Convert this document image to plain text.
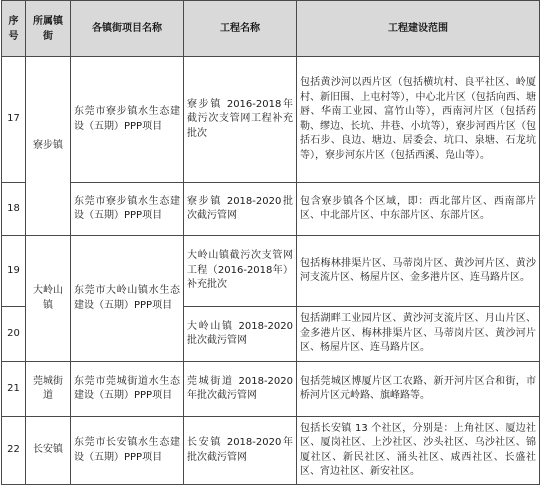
序号	所属镇街	各镇街项目名称	工程名称	工程建设范围
17	寮步镇	东莞市寮步镇水生态建设（五期）PPP项目	寮步镇 2016-2018年截污次支管网工程补充批次	包括黄沙河以西片区（包括横坑村、良平社区、岭厦村、新旧围、上屯村等），中心北片区（包括向西、塘唇、华南工业园、富竹山等），西南河片区（包括药勒、缪边、长坑、井巷、小坑等），寮步河西片区（包括石步、良边、塘边、居委会、坑口、泉塘、石龙坑等），寮步河东片区（包括西溪、凫山等）。
18		东莞市寮步镇水生态建设（五期）PPP项目	寮步镇 2018-2020批次截污管网	包含寮步镇各个区域，即：西北部片区、西南部片区、中北部片区、中东部片区、东部片区。
19	大岭山镇	东莞市大岭山镇水生态建设（五期）PPP项目	大岭山镇截污次支管网工程（2016-2018年）补充批次	包括梅林排渠片区、马蒂岗片区、黄沙河片区、黄沙河支流片区、杨屋片区、金多港片区、连马路片区。
20			大岭山镇 2018-2020批次截污管网	包括湖畔工业园片区、黄沙河支流片区、月山片区、金多港片区、梅林排渠片区、马蒂岗片区、黄沙河片区、杨屋片区、连马路片区。
21	莞城街道	东莞市莞城街道水生态建设（五期）PPP项目	莞城街道 2018-2020年批次截污管网	包括莞城区博厦片区工农路、新开河片区合和街，市桥河片区元岭路、旗峰路等。
22	长安镇	东莞市长安镇水生态建设（五期）PPP项目	长安镇 2018-2020年批次截污管网	包括长安镇 13 个社区，分别是：上角社区、厦边社区、厦岗社区、上沙社区、沙头社区、乌沙社区、锦厦社区、新民社区、涌头社区、咸西社区、长盛社区、宵边社区、新安社区。
